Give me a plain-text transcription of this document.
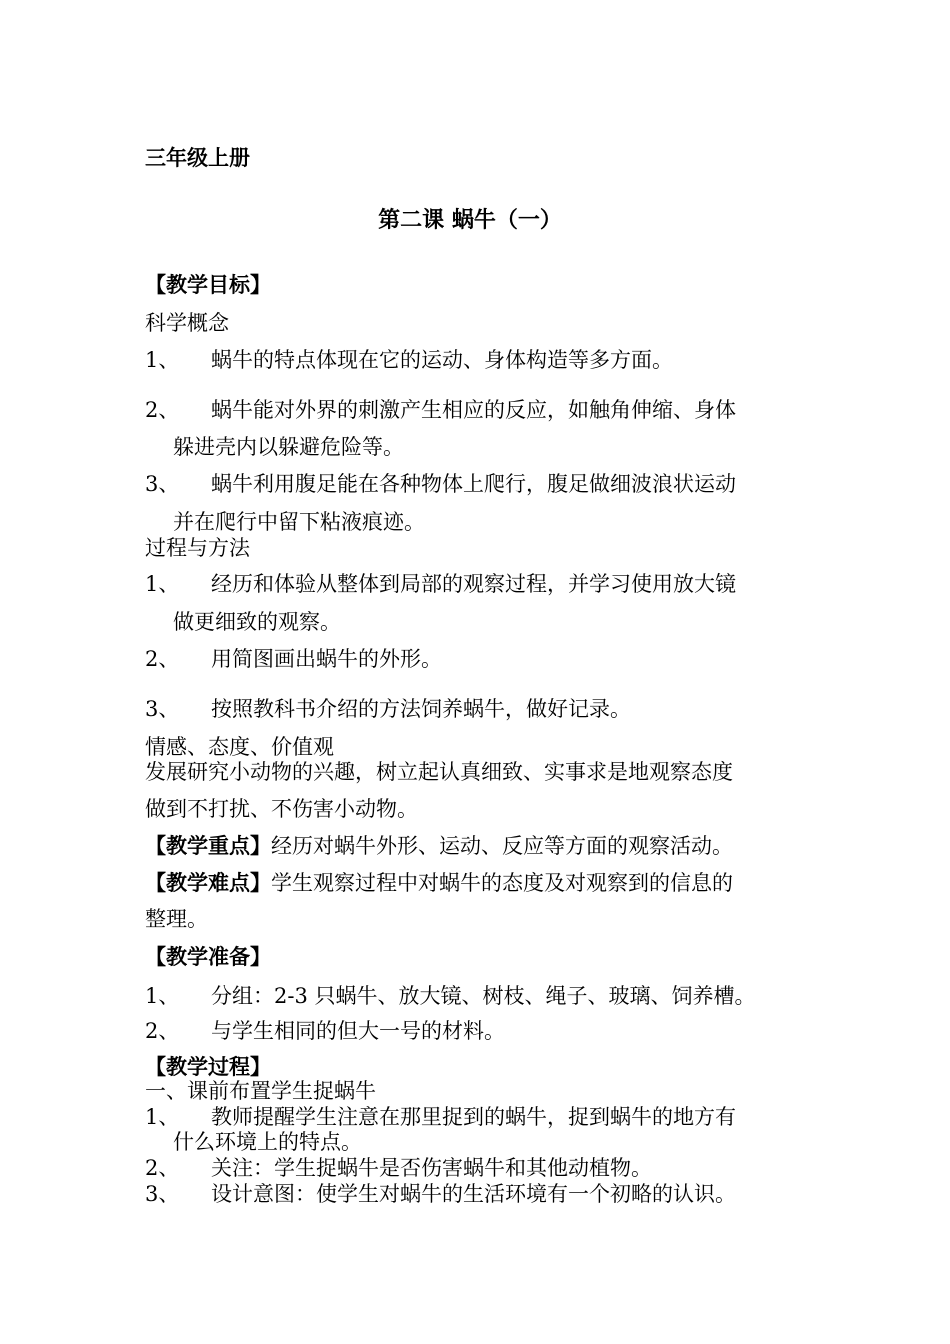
三年级上册
第二课 蜗牛（一）
【教学目标】
科学概念
1、 蜗牛的特点体现在它的运动、身体构造等多方面。
2、 蜗牛能对外界的刺激产生相应的反应，如触角伸缩、身体
躲进壳内以躲避危险等。
3、 蜗牛利用腹足能在各种物体上爬行，腹足做细波浪状运动
并在爬行中留下粘液痕迹。
过程与方法
1、 经历和体验从整体到局部的观察过程，并学习使用放大镜
做更细致的观察。
2、 用简图画出蜗牛的外形。
3、 按照教科书介绍的方法饲养蜗牛，做好记录。
情感、态度、价值观
发展研究小动物的兴趣，树立起认真细致、实事求是地观察态度
做到不打扰、不伤害小动物。
【教学重点】经历对蜗牛外形、运动、反应等方面的观察活动。
【教学难点】学生观察过程中对蜗牛的态度及对观察到的信息的
整理。
【教学准备】
1、 分组：2-3 只蜗牛、放大镜、树枝、绳子、玻璃、饲养槽。
2、 与学生相同的但大一号的材料。
【教学过程】
一、课前布置学生捉蜗牛
1、 教师提醒学生注意在那里捉到的蜗牛，捉到蜗牛的地方有
什么环境上的特点。
2、 关注：学生捉蜗牛是否伤害蜗牛和其他动植物。
3、 设计意图：使学生对蜗牛的生活环境有一个初略的认识。
